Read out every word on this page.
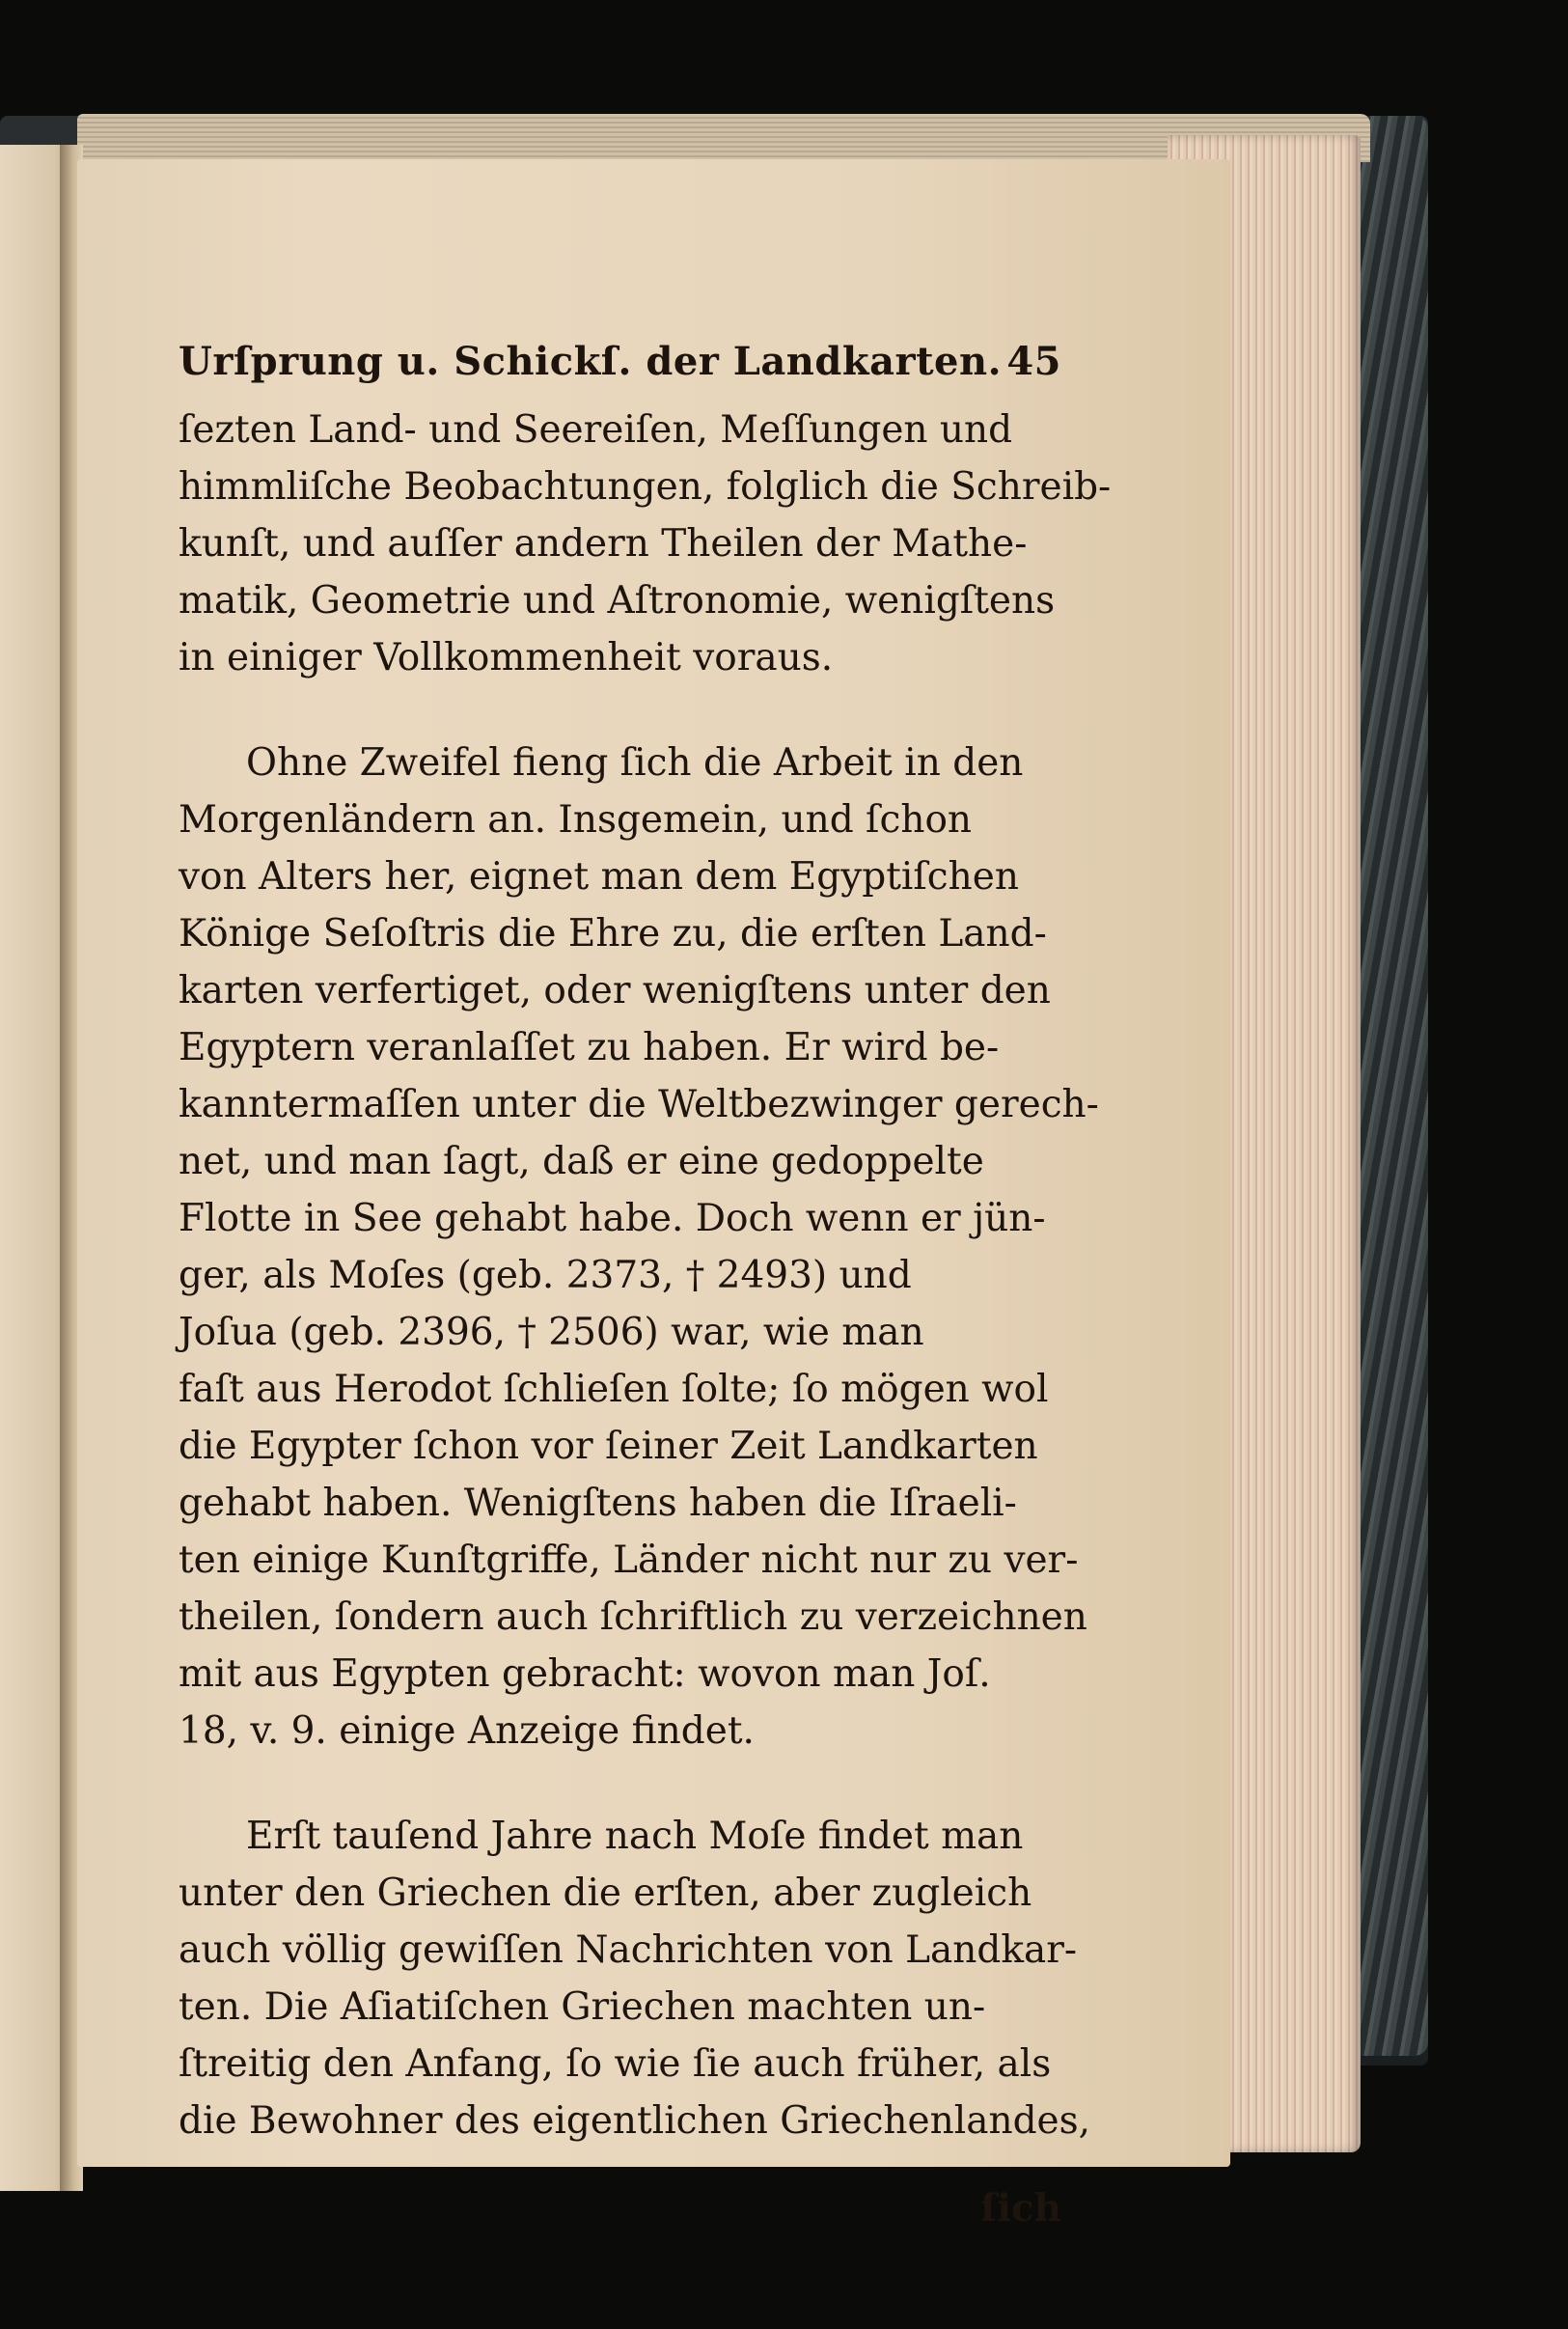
Urſprung u. Schickſ. der Landkarten. 45
ſezten Land- und Seereiſen, Meſſungen und
himmliſche Beobachtungen, folglich die Schreib-
kunſt, und auſſer andern Theilen der Mathe-
matik, Geometrie und Aſtronomie, wenigſtens
in einiger Vollkommenheit voraus.
Ohne Zweifel fieng ſich die Arbeit in den
Morgenländern an. Insgemein, und ſchon
von Alters her, eignet man dem Egyptiſchen
Könige Seſoſtris die Ehre zu, die erſten Land-
karten verfertiget, oder wenigſtens unter den
Egyptern veranlaſſet zu haben. Er wird be-
kanntermaſſen unter die Weltbezwinger gerech-
net, und man ſagt, daß er eine gedoppelte
Flotte in See gehabt habe. Doch wenn er jün-
ger, als Moſes (geb. 2373, † 2493) und
Joſua (geb. 2396, † 2506) war, wie man
faſt aus Herodot ſchlieſen ſolte; ſo mögen wol
die Egypter ſchon vor ſeiner Zeit Landkarten
gehabt haben. Wenigſtens haben die Iſraeli-
ten einige Kunſtgriffe, Länder nicht nur zu ver-
theilen, ſondern auch ſchriftlich zu verzeichnen
mit aus Egypten gebracht: wovon man Joſ.
18, v. 9. einige Anzeige findet.
Erſt tauſend Jahre nach Moſe findet man
unter den Griechen die erſten, aber zugleich
auch völlig gewiſſen Nachrichten von Landkar-
ten. Die Aſiatiſchen Griechen machten un-
ſtreitig den Anfang, ſo wie ſie auch früher, als
die Bewohner des eigentlichen Griechenlandes,
ſich
